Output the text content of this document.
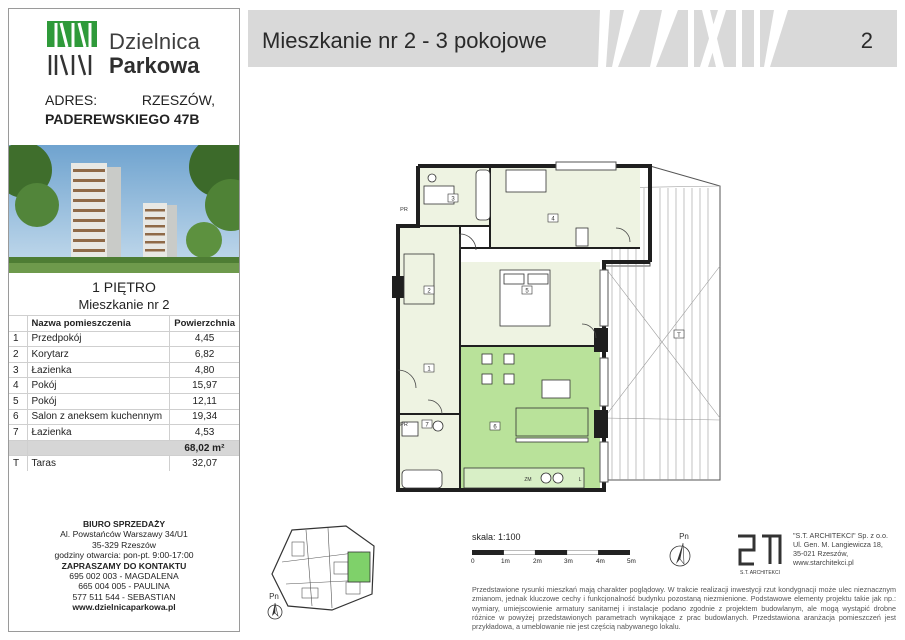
Dzielnica
Parkowa
ADRES:	RZESZÓW,
PADEREWSKIEGO 47B
1 PIĘTRO
Mieszkanie nr 2
	Nazwa pomieszczenia	Powierzchnia
1	Przedpokój	4,45
2	Korytarz	6,82
3	Łazienka	4,80
4	Pokój	15,97
5	Pokój	12,11
6	Salon z aneksem kuchennym	19,34
7	Łazienka	4,53
		68,02 m²
T	Taras	32,07
BIURO SPRZEDAŻY
Al. Powstańców Warszawy 34/U1
35-329 Rzeszów
godziny otwarcia: pon-pt. 9:00-17:00
ZAPRASZAMY DO KONTAKTU
695 002 003 - MAGDALENA
665 004 005 - PAULINA
577 511 544 - SEBASTIAN
www.dzielnicaparkowa.pl
Mieszkanie nr 2 - 3 pokojowe	2
T
3
4
2	5
1
6
7
PR
PR
ZM	L
Pn
skala: 1:100
0	1m	2m	3m	4m	5m
Pn
S.T. ARCHITEKCI
"S.T. ARCHITEKCI" Sp. z o.o.
Ul. Gen. M. Langiewicza 18,
35-021 Rzeszów,
www.starchitekci.pl
Przedstawione rysunki mieszkań mają charakter poglądowy. W trakcie realizacji inwestycji rzut kondygnacji może ulec nieznacznym zmianom, jednak kluczowe cechy i funkcjonalność budynku pozostaną niezmienione. Podstawowe elementy projektu takie jak np.: wymiary, umiejscowienie armatury sanitarnej i instalacje podano zgodnie z projektem budowlanym, ale mogą wystąpić drobne różnice w powyżej przedstawionych parametrach wynikające z prac budowlanych. Przedstawiona aranżacja pomieszczeń jest przykładowa, a umeblowanie nie jest częścią nabywanego lokalu.
